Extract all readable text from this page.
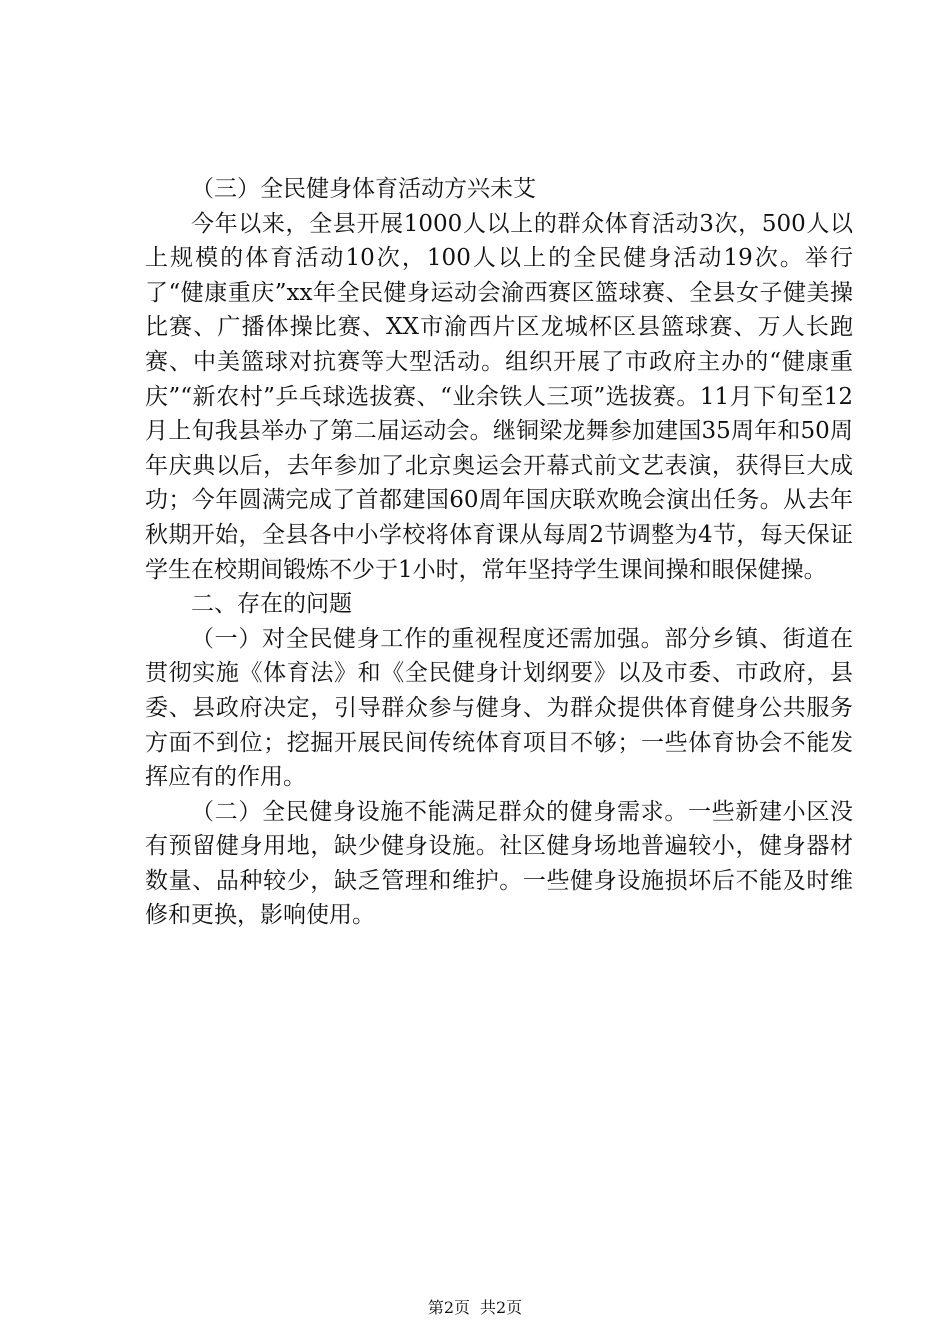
（三）全民健身体育活动方兴未艾

今年以来，全县开展1000人以上的群众体育活动3次，500人以上规模的体育活动10次，100人以上的全民健身活动19次。举行了“健康重庆”xx年全民健身运动会渝西赛区篮球赛、全县女子健美操比赛、广播体操比赛、XX市渝西片区龙城杯区县篮球赛、万人长跑赛、中美篮球对抗赛等大型活动。组织开展了市政府主办的“健康重庆”“新农村”乒乓球选拔赛、“业余铁人三项”选拔赛。11月下旬至12月上旬我县举办了第二届运动会。继铜梁龙舞参加建国35周年和50周年庆典以后，去年参加了北京奥运会开幕式前文艺表演，获得巨大成功；今年圆满完成了首都建国60周年国庆联欢晚会演出任务。从去年秋期开始，全县各中小学校将体育课从每周2节调整为4节，每天保证学生在校期间锻炼不少于1小时，常年坚持学生课间操和眼保健操。

二、存在的问题

（一）对全民健身工作的重视程度还需加强。部分乡镇、街道在贯彻实施《体育法》和《全民健身计划纲要》以及市委、市政府，县委、县政府决定，引导群众参与健身、为群众提供体育健身公共服务方面不到位；挖掘开展民间传统体育项目不够；一些体育协会不能发挥应有的作用。

（二）全民健身设施不能满足群众的健身需求。一些新建小区没有预留健身用地，缺少健身设施。社区健身场地普遍较小，健身器材数量、品种较少，缺乏管理和维护。一些健身设施损坏后不能及时维修和更换，影响使用。

第2页 共2页
